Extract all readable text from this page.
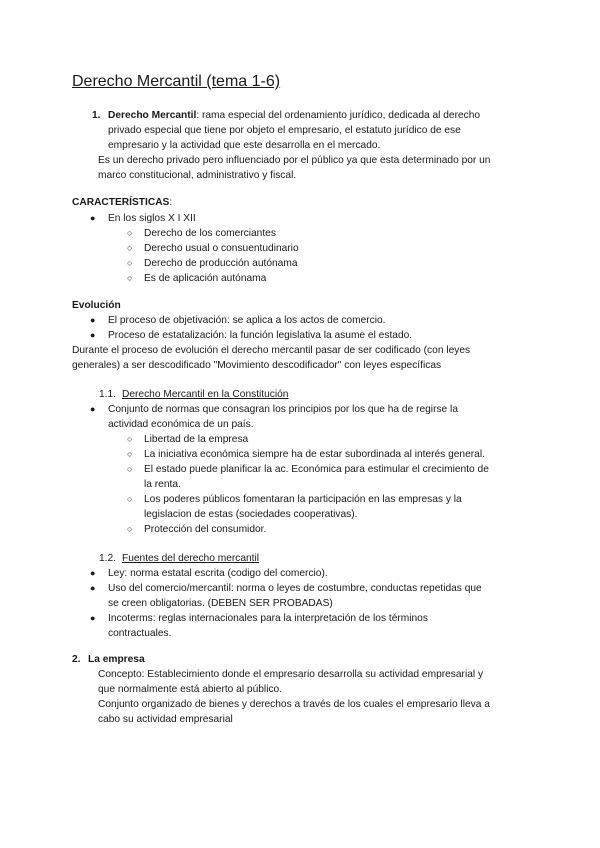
Derecho Mercantil (tema 1-6)
1. Derecho Mercantil: rama especial del ordenamiento jurídico, dedicada al derecho
privado especial que tiene por objeto el empresario, el estatuto jurídico de ese
empresario y la actividad que este desarrolla en el mercado.
Es un derecho privado pero influenciado por el público ya que esta determinado por un
marco constitucional, administrativo y fiscal.
CARACTERÍSTICAS:
● En los siglos X I XII
○ Derecho de los comerciantes
○ Derecho usual o consuentudinario
○ Derecho de producción autónama
○ Es de aplicación autónama
Evolución
● El proceso de objetivación: se aplica a los actos de comercio.
● Proceso de estatalización: la función legislativa la asume el estado.
Durante el proceso de evolución el derecho mercantil pasar de ser codificado (con leyes
generales) a ser descodificado "Movimiento descodificador" con leyes específicas
1.1. Derecho Mercantil en la Constitución
● Conjunto de normas que consagran los principios por los que ha de regirse la
actividad económica de un país.
○ Libertad de la empresa
○ La iniciativa económica siempre ha de estar subordinada al interés general.
○ El estado puede planificar la ac. Económica para estimular el crecimiento de
la renta.
○ Los poderes públicos fomentaran la participación en las empresas y la
legislacion de estas (sociedades cooperativas).
○ Protección del consumidor.
1.2. Fuentes del derecho mercantil
● Ley: norma estatal escrita (codigo del comercio).
● Uso del comercio/mercantil: norma o leyes de costumbre, conductas repetidas que
se creen obligatorias. (DEBEN SER PROBADAS)
● Incoterms: reglas internacionales para la interpretación de los términos
contractuales.
2. La empresa
Concepto: Establecimiento donde el empresario desarrolla su actividad empresarial y
que normalmente está abierto al público.
Conjunto organizado de bienes y derechos a través de los cuales el empresario lleva a
cabo su actividad empresarial
